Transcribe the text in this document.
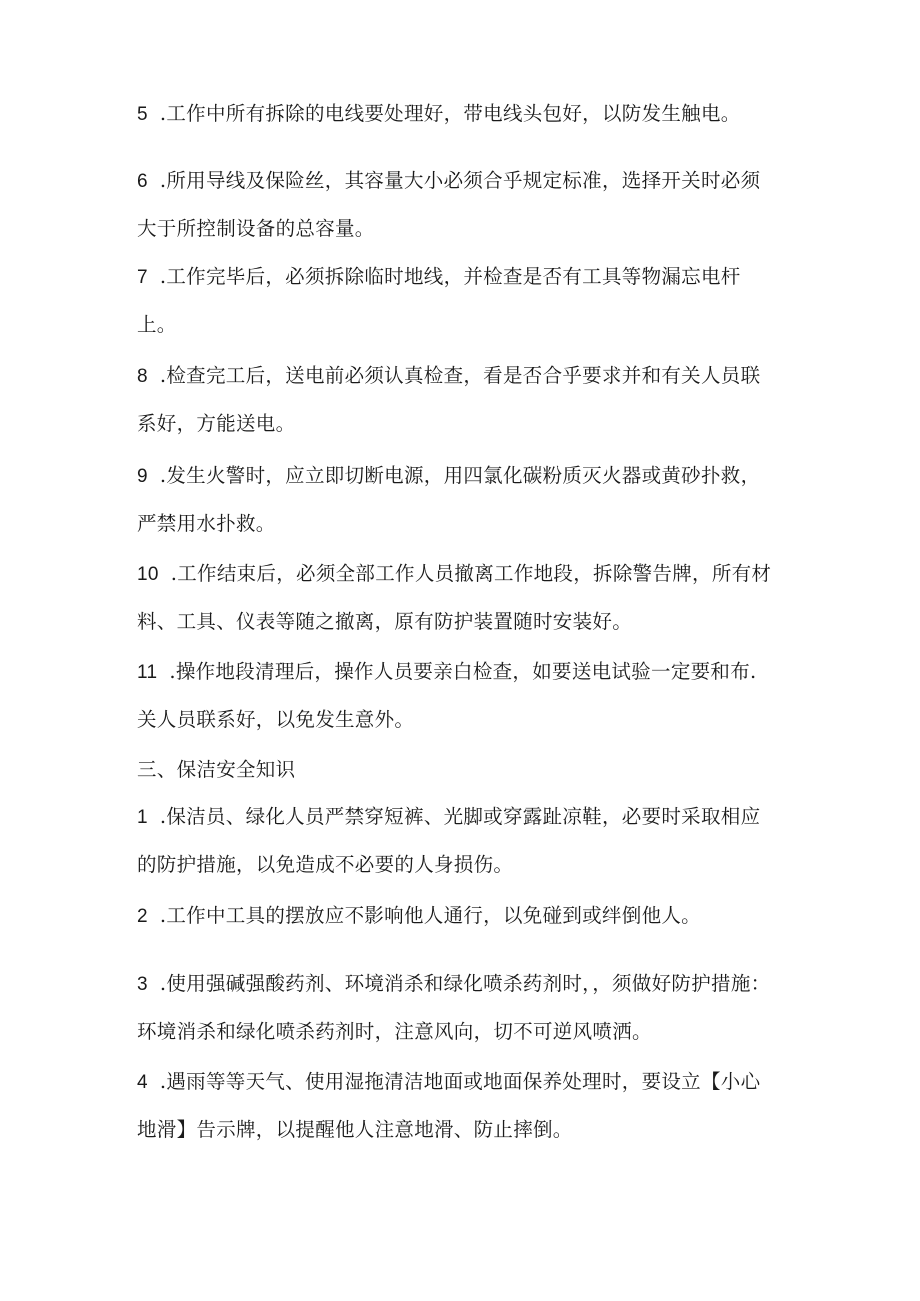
5 .工作中所有拆除的电线要处理好，带电线头包好，以防发生触电。

6 .所用导线及保险丝，其容量大小必须合乎规定标准，选择开关时必须
大于所控制设备的总容量。

7 .工作完毕后，必须拆除临时地线，并检查是否有工具等物漏忘电杆
上。

8 .检查完工后，送电前必须认真检查，看是否合乎要求并和有关人员联
系好，方能送电。

9 .发生火警时，应立即切断电源，用四氯化碳粉质灭火器或黄砂扑救，
严禁用水扑救。

10 .工作结束后，必须全部工作人员撤离工作地段，拆除警告牌，所有材
料、工具、仪表等随之撤离，原有防护装置随时安装好。

11 .操作地段清理后，操作人员要亲白检查，如要送电试验一定要和布.
关人员联系好，以免发生意外。

三、保洁安全知识

1 .保洁员、绿化人员严禁穿短裤、光脚或穿露趾凉鞋，必要时采取相应
的防护措施，以免造成不必要的人身损伤。

2 .工作中工具的摆放应不影响他人通行，以免碰到或绊倒他人。

3 .使用强碱强酸药剂、环境消杀和绿化喷杀药剂时，，须做好防护措施：
环境消杀和绿化喷杀药剂时，注意风向，切不可逆风喷洒。

4 .遇雨等等天气、使用湿拖清洁地面或地面保养处理时，要设立【小心
地滑】告示牌，以提醒他人注意地滑、防止摔倒。
